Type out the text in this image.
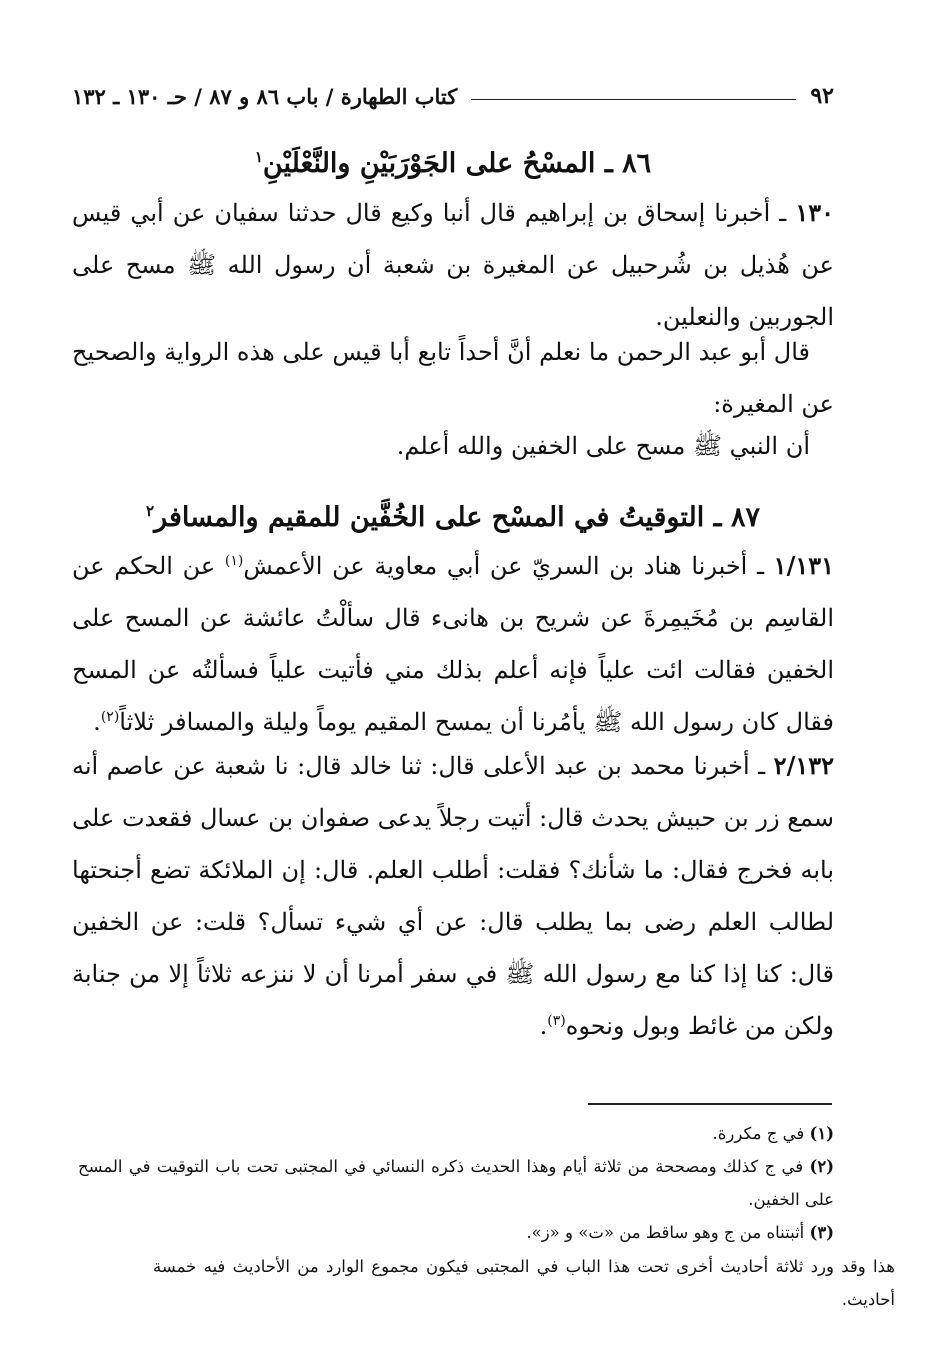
٩٢
كتاب الطهارة / باب ٨٦ و ٨٧ / حـ ١٣٠ ـ ١٣٢
٨٦ ـ المسْحُ على الجَوْرَبَيْنِ والنَّعْلَيْنِ$^١$
١٣٠ ـ أخبرنا إسحاق بن إبراهيم قال أنبا وكيع قال حدثنا سفيان عن أبي قيس عن هُذيل بن شُرحبيل عن المغيرة بن شعبة أن رسول الله ﷺ مسح على الجوربين والنعلين.
قال أبو عبد الرحمن ما نعلم أنَّ أحداً تابع أبا قيس على هذه الرواية والصحيح عن المغيرة:
أن النبي ﷺ مسح على الخفين والله أعلم.
٨٧ ـ التوقيتُ في المسْح على الخُفَّين للمقيم والمسافر$^٢$
١/١٣١ ـ أخبرنا هناد بن السريّ عن أبي معاوية عن الأعمش$^{(١)}$ عن الحكم عن القاسِم بن مُخَيمِرةَ عن شريح بن هانىء قال سألْتُ عائشة عن المسح على الخفين فقالت ائت علياً فإنه أعلم بذلك مني فأتيت علياً فسألتُه عن المسح فقال كان رسول الله ﷺ يأمُرنا أن يمسح المقيم يوماً وليلة والمسافر ثلاثاً$^{(٢)}$.
٢/١٣٢ ـ أخبرنا محمد بن عبد الأعلى قال: ثنا خالد قال: نا شعبة عن عاصم أنه سمع زر بن حبيش يحدث قال: أتيت رجلاً يدعى صفوان بن عسال فقعدت على بابه فخرج فقال: ما شأنك؟ فقلت: أطلب العلم. قال: إن الملائكة تضع أجنحتها لطالب العلم رضى بما يطلب قال: عن أي شيء تسأل؟ قلت: عن الخفين قال: كنا إذا كنا مع رسول الله ﷺ في سفر أمرنا أن لا ننزعه ثلاثاً إلا من جنابة ولكن من غائط وبول ونحوه$^{(٣)}$.
(١) في ج مكررة.
(٢) في ج كذلك ومصححة من ثلاثة أيام وهذا الحديث ذكره النسائي في المجتبى تحت باب التوقيت في المسح على الخفين.
(٣) أثبتناه من ج وهو ساقط من «ت» و «ز».
هذا وقد ورد ثلاثة أحاديث أخرى تحت هذا الباب في المجتبى فيكون مجموع الوارد من الأحاديث فيه خمسة أحاديث.
